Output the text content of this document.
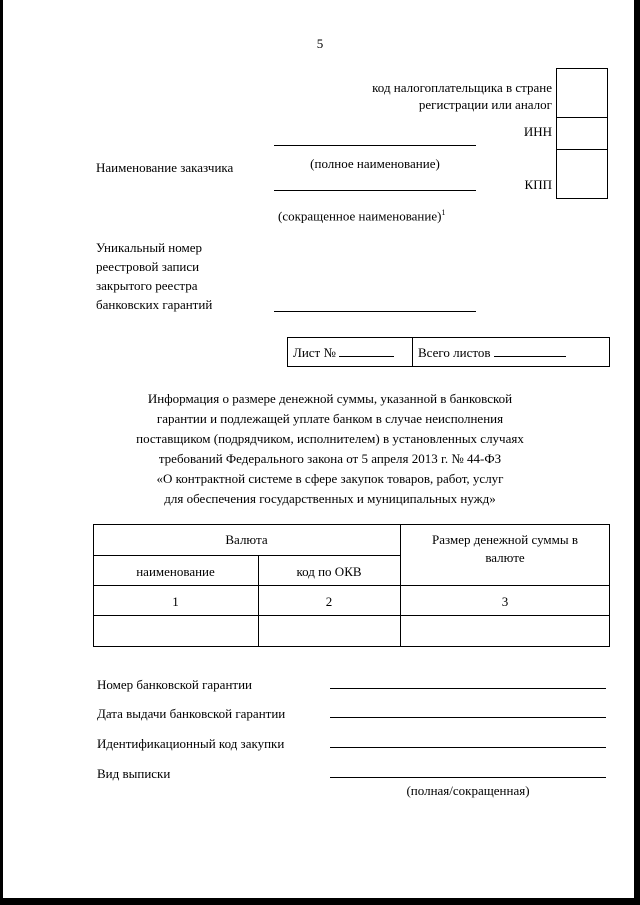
5
код налогоплательщика в стране
регистрации или аналог
ИНН
Наименование заказчика	(полное наименование)
КПП
(сокращенное наименование)$^1$
Уникальный номер
реестровой записи
закрытого реестра
банковских гарантий
Лист №	Всего листов
Информация о размере денежной суммы, указанной в банковской
гарантии и подлежащей уплате банком в случае неисполнения
поставщиком (подрядчиком, исполнителем) в установленных случаях
требований Федерального закона от 5 апреля 2013 г. № 44-ФЗ
«О контрактной системе в сфере закупок товаров, работ, услуг
для обеспечения государственных и муниципальных нужд»
Валюта	Размер денежной суммы в
валюте
наименование	код по ОКВ
1	2	3
Номер банковской гарантии
Дата выдачи банковской гарантии
Идентификационный код закупки
Вид выписки
(полная/сокращенная)
